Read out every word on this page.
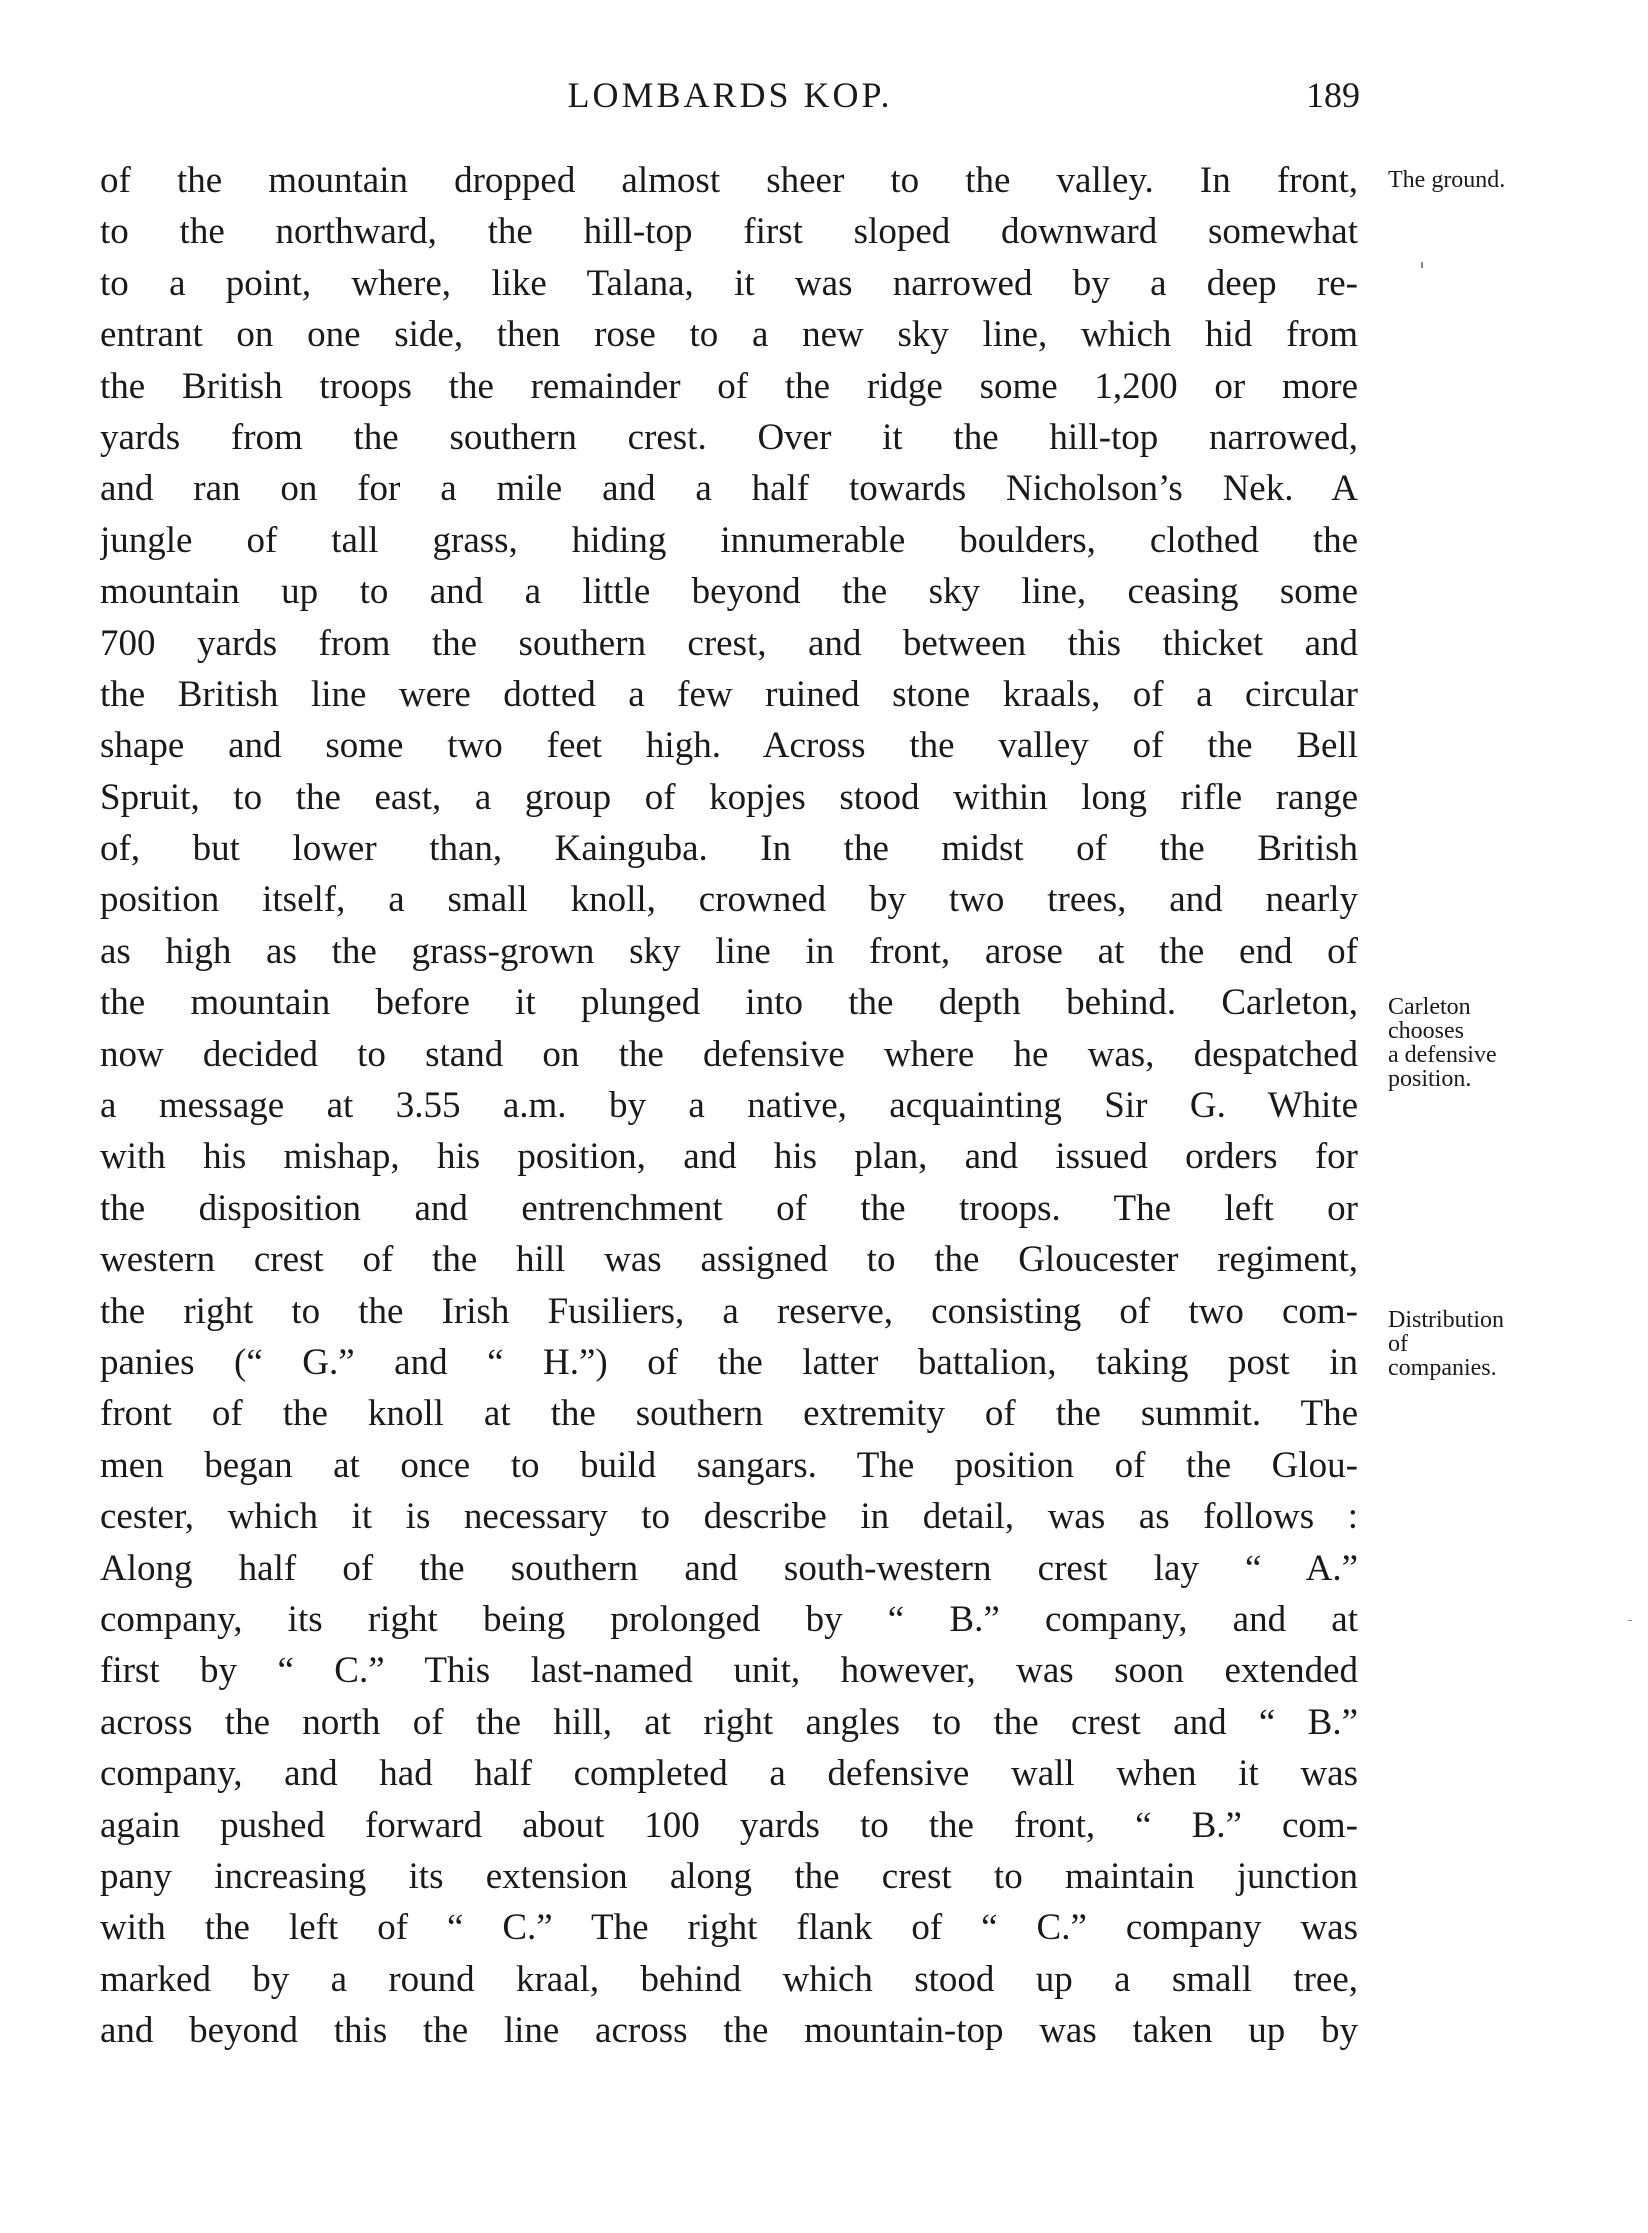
LOMBARDS KOP.	189
of the mountain dropped almost sheer to the valley. In front,
to the northward, the hill-top first sloped downward somewhat
to a point, where, like Talana, it was narrowed by a deep re-
entrant on one side, then rose to a new sky line, which hid from
the British troops the remainder of the ridge some 1,200 or more
yards from the southern crest. Over it the hill-top narrowed,
and ran on for a mile and a half towards Nicholson’s Nek. A
jungle of tall grass, hiding innumerable boulders, clothed the
mountain up to and a little beyond the sky line, ceasing some
700 yards from the southern crest, and between this thicket and
the British line were dotted a few ruined stone kraals, of a circular
shape and some two feet high. Across the valley of the Bell
Spruit, to the east, a group of kopjes stood within long rifle range
of, but lower than, Kainguba. In the midst of the British
position itself, a small knoll, crowned by two trees, and nearly
as high as the grass-grown sky line in front, arose at the end of
the mountain before it plunged into the depth behind. Carleton,
now decided to stand on the defensive where he was, despatched
a message at 3.55 a.m. by a native, acquainting Sir G. White
with his mishap, his position, and his plan, and issued orders for
the disposition and entrenchment of the troops. The left or
western crest of the hill was assigned to the Gloucester regiment,
the right to the Irish Fusiliers, a reserve, consisting of two com-
panies (“ G.” and “ H.”) of the latter battalion, taking post in
front of the knoll at the southern extremity of the summit. The
men began at once to build sangars. The position of the Glou-
cester, which it is necessary to describe in detail, was as follows :
Along half of the southern and south-western crest lay “ A.”
company, its right being prolonged by “ B.” company, and at
first by “ C.” This last-named unit, however, was soon extended
across the north of the hill, at right angles to the crest and “ B.”
company, and had half completed a defensive wall when it was
again pushed forward about 100 yards to the front, “ B.” com-
pany increasing its extension along the crest to maintain junction
with the left of “ C.” The right flank of “ C.” company was
marked by a round kraal, behind which stood up a small tree,
and beyond this the line across the mountain-top was taken up by
The ground.
Carleton
chooses
a defensive
position.
Distribution
of
companies.
